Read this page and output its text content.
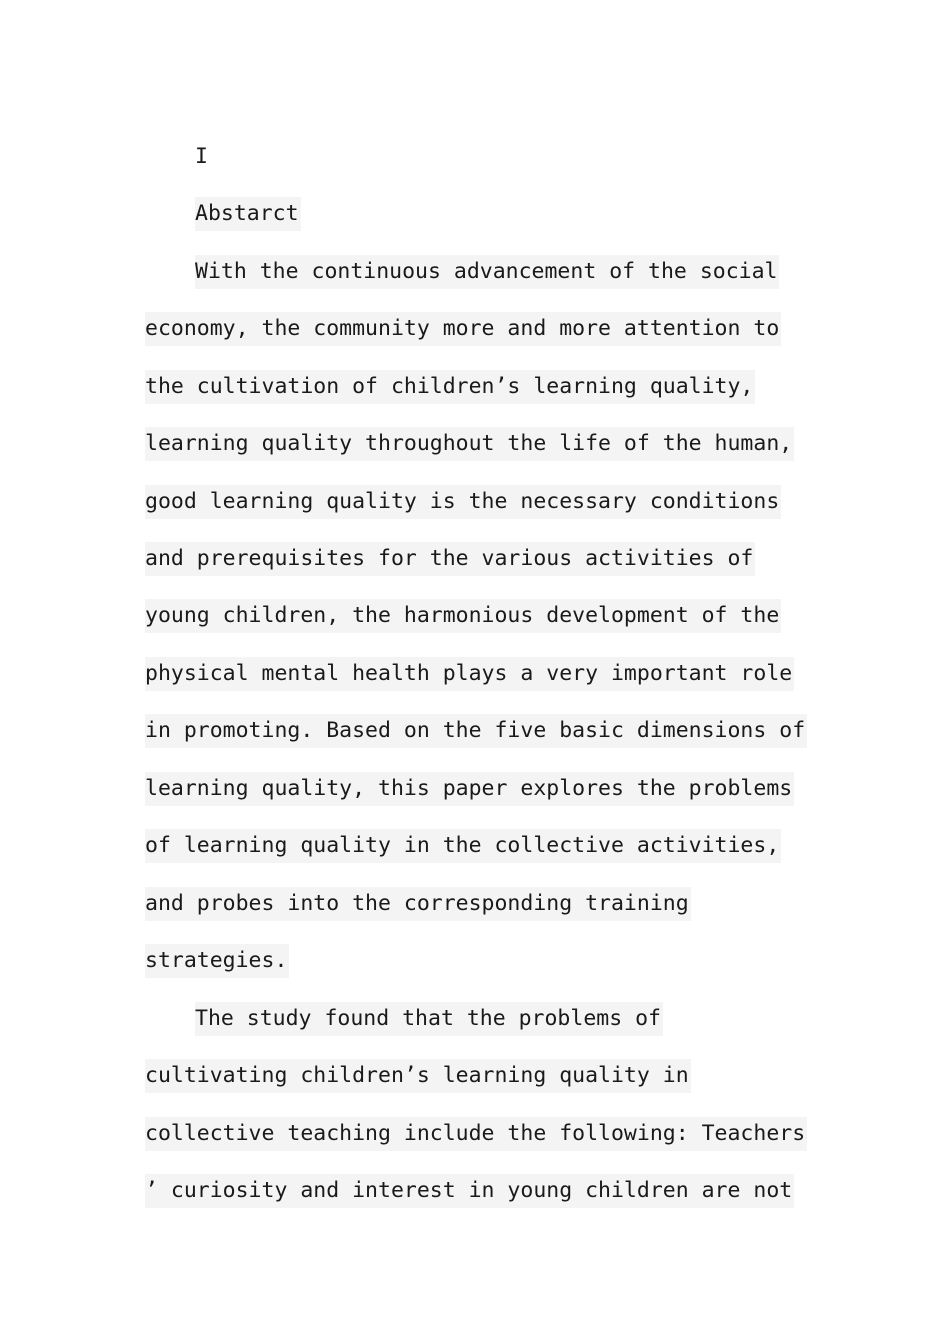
I
Abstarct
With the continuous advancement of the social
economy, the community more and more attention to
the cultivation of children’s learning quality,
learning quality throughout the life of the human,
good learning quality is the necessary conditions
and prerequisites for the various activities of
young children, the harmonious development of the
physical mental health plays a very important role
in promoting. Based on the five basic dimensions of
learning quality, this paper explores the problems
of learning quality in the collective activities,
and probes into the corresponding training
strategies.
The study found that the problems of
cultivating children’s learning quality in
collective teaching include the following: Teachers
’ curiosity and interest in young children are not
